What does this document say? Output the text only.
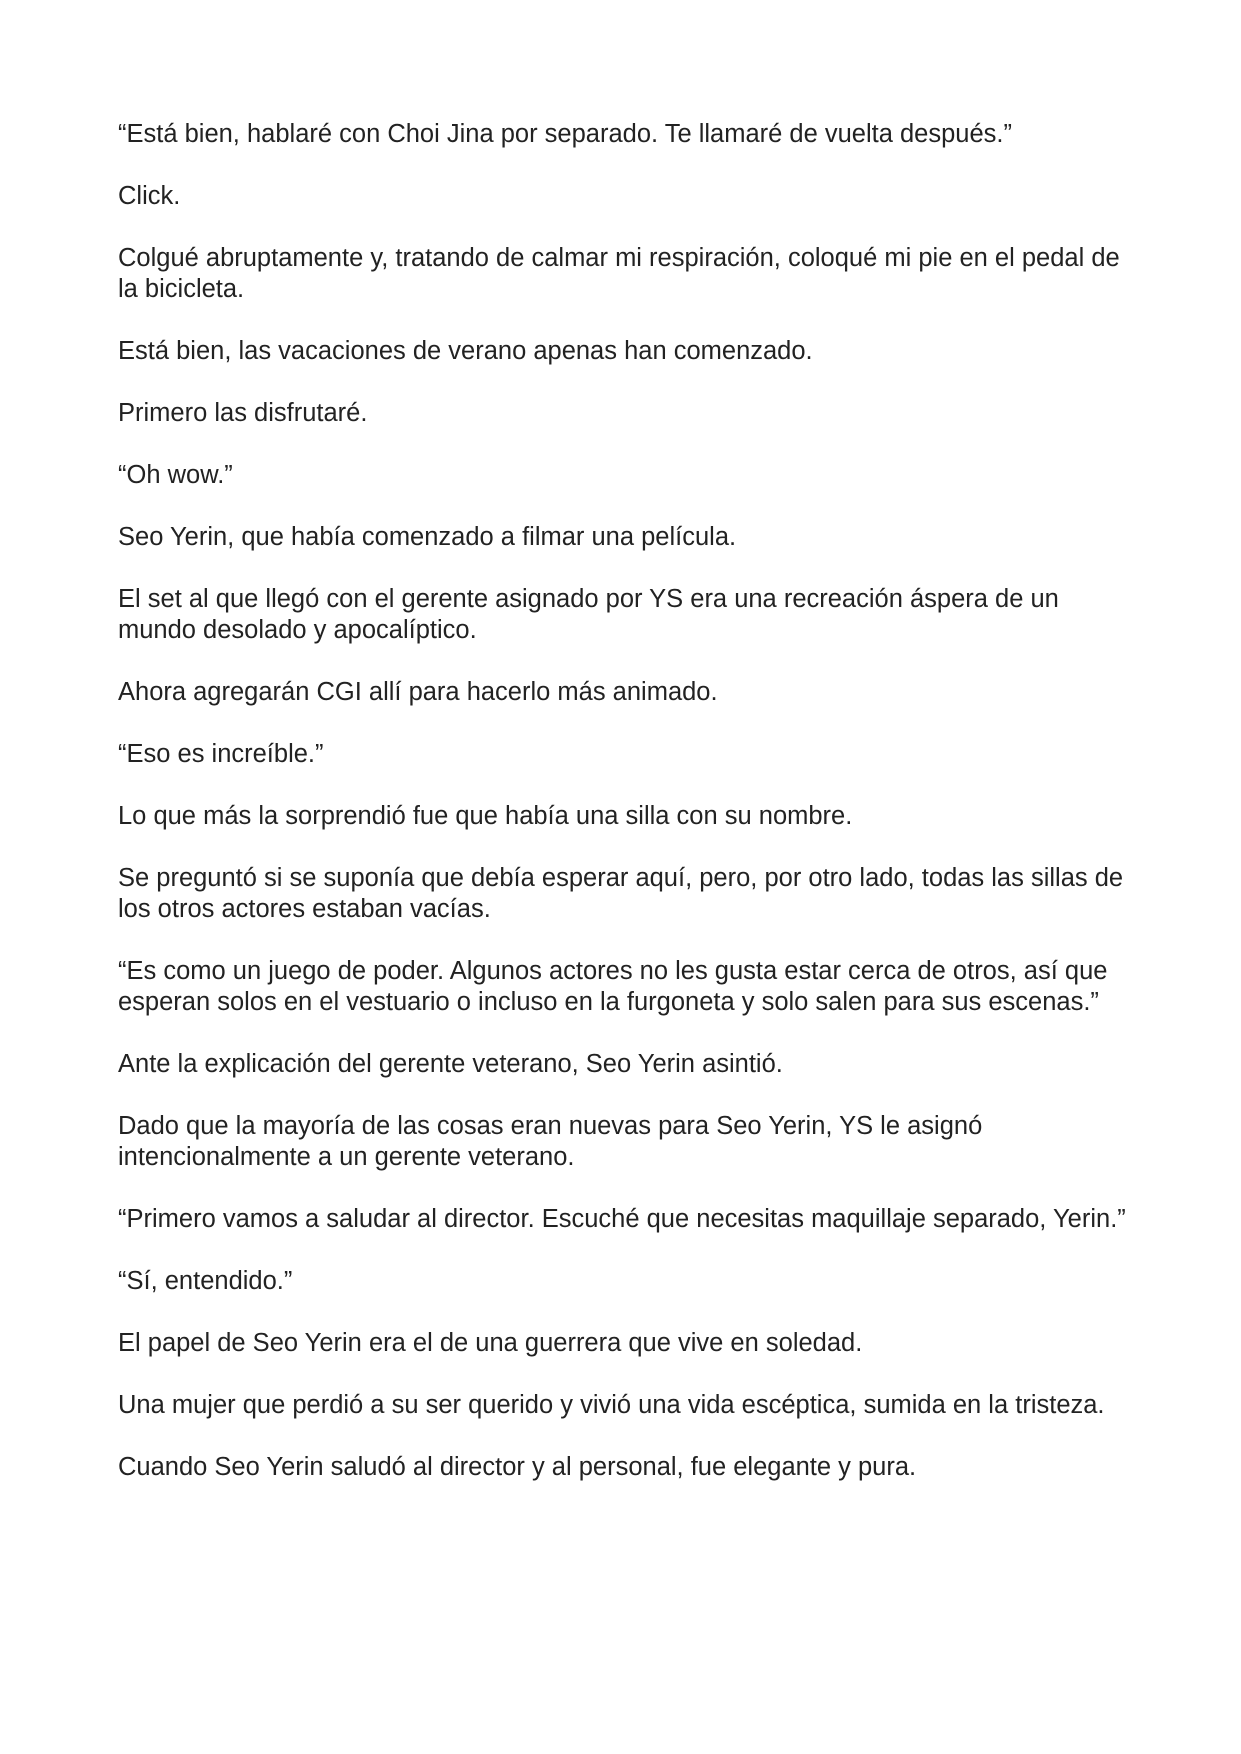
“Está bien, hablaré con Choi Jina por separado. Te llamaré de vuelta después.”

Click.

Colgué abruptamente y, tratando de calmar mi respiración, coloqué mi pie en el pedal de la bicicleta.

Está bien, las vacaciones de verano apenas han comenzado.

Primero las disfrutaré.

“Oh wow.”

Seo Yerin, que había comenzado a filmar una película.

El set al que llegó con el gerente asignado por YS era una recreación áspera de un mundo desolado y apocalíptico.

Ahora agregarán CGI allí para hacerlo más animado.

“Eso es increíble.”

Lo que más la sorprendió fue que había una silla con su nombre.

Se preguntó si se suponía que debía esperar aquí, pero, por otro lado, todas las sillas de los otros actores estaban vacías.

“Es como un juego de poder. Algunos actores no les gusta estar cerca de otros, así que esperan solos en el vestuario o incluso en la furgoneta y solo salen para sus escenas.”

Ante la explicación del gerente veterano, Seo Yerin asintió.

Dado que la mayoría de las cosas eran nuevas para Seo Yerin, YS le asignó intencionalmente a un gerente veterano.

“Primero vamos a saludar al director. Escuché que necesitas maquillaje separado, Yerin.”

“Sí, entendido.”

El papel de Seo Yerin era el de una guerrera que vive en soledad.

Una mujer que perdió a su ser querido y vivió una vida escéptica, sumida en la tristeza.

Cuando Seo Yerin saludó al director y al personal, fue elegante y pura.
